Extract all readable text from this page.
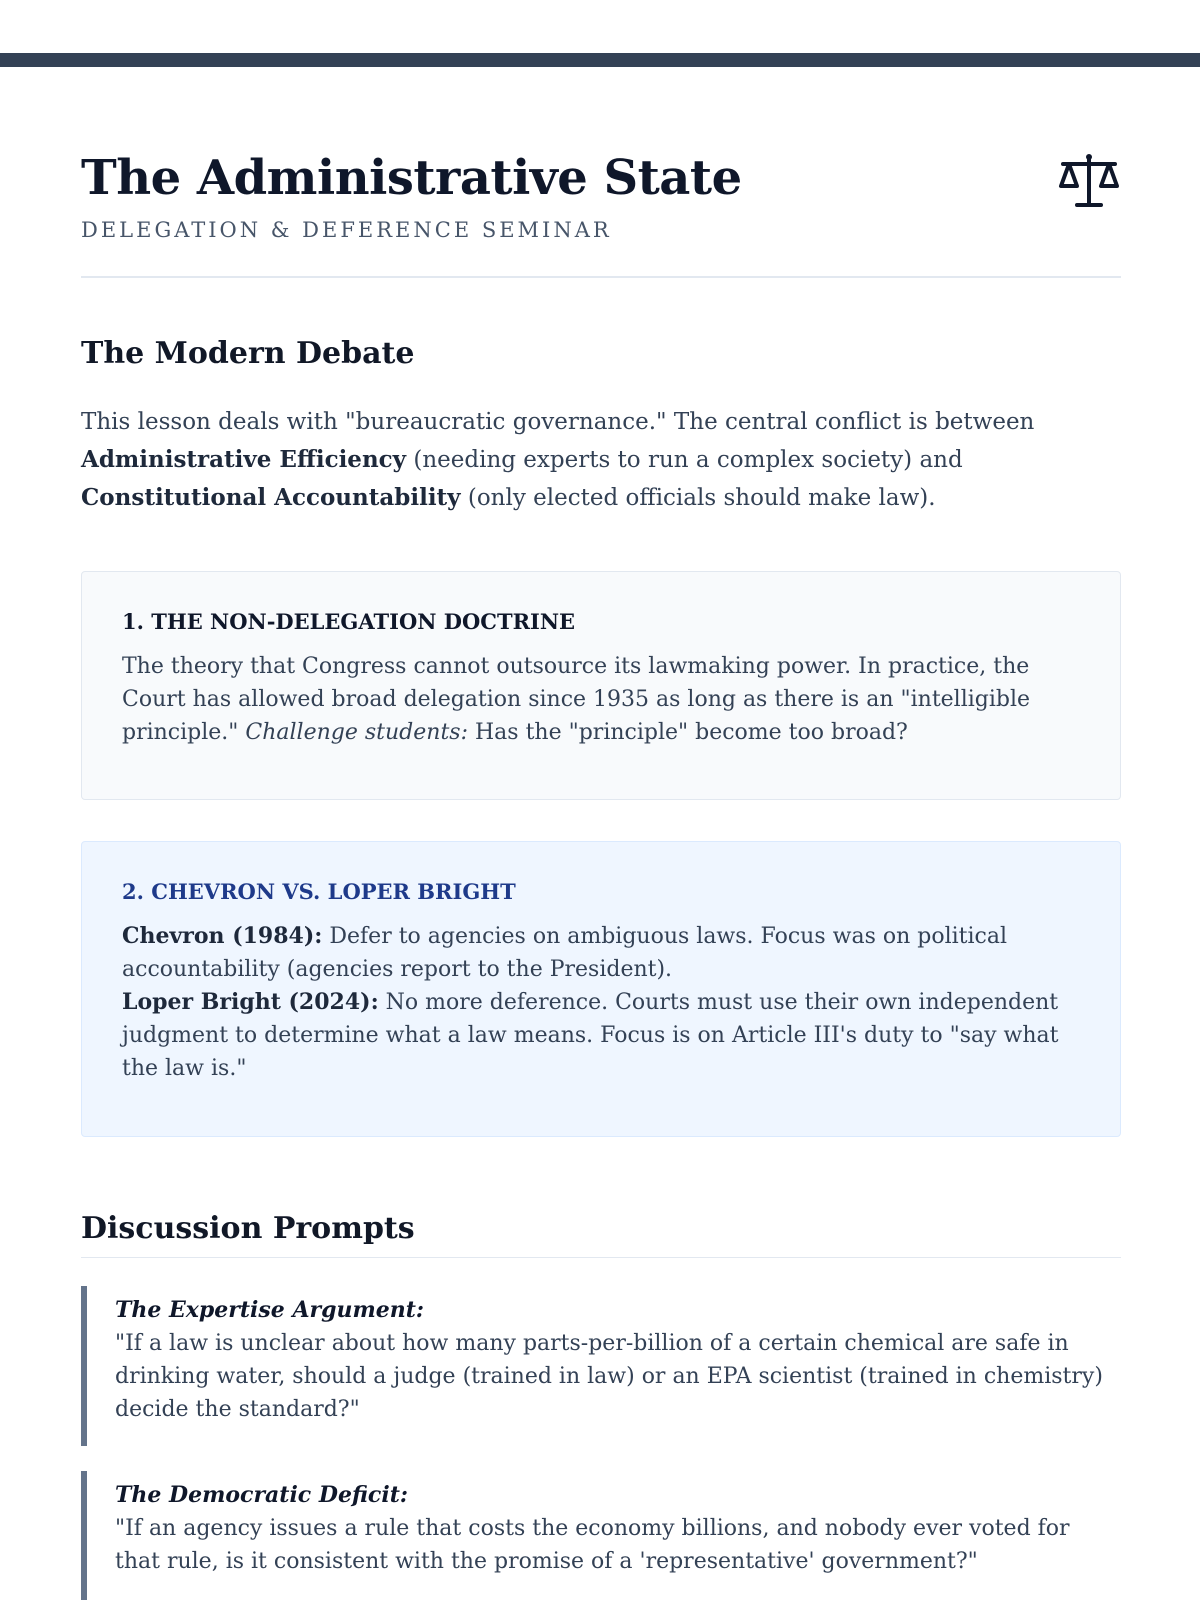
The Administrative State
DELEGATION & DEFERENCE SEMINAR
The Modern Debate

This lesson deals with "bureaucratic governance." The central conflict is between Administrative Efficiency (needing experts to run a complex society) and Constitutional Accountability (only elected officials should make law).

1. THE NON-DELEGATION DOCTRINE

The theory that Congress cannot outsource its lawmaking power. In practice, the Court has allowed broad delegation since 1935 as long as there is an "intelligible principle." Challenge students: Has the "principle" become too broad?

2. CHEVRON VS. LOPER BRIGHT

Chevron (1984): Defer to agencies on ambiguous laws. Focus was on political accountability (agencies report to the President).

Loper Bright (2024): No more deference. Courts must use their own independent judgment to determine what a law means. Focus is on Article III's duty to "say what the law is."

Discussion Prompts
The Expertise Argument:
"If a law is unclear about how many parts-per-billion of a certain chemical are safe in drinking water, should a judge (trained in law) or an EPA scientist (trained in chemistry) decide the standard?"
The Democratic Deficit:
"If an agency issues a rule that costs the economy billions, and nobody ever voted for that rule, is it consistent with the promise of a 'representative' government?"
